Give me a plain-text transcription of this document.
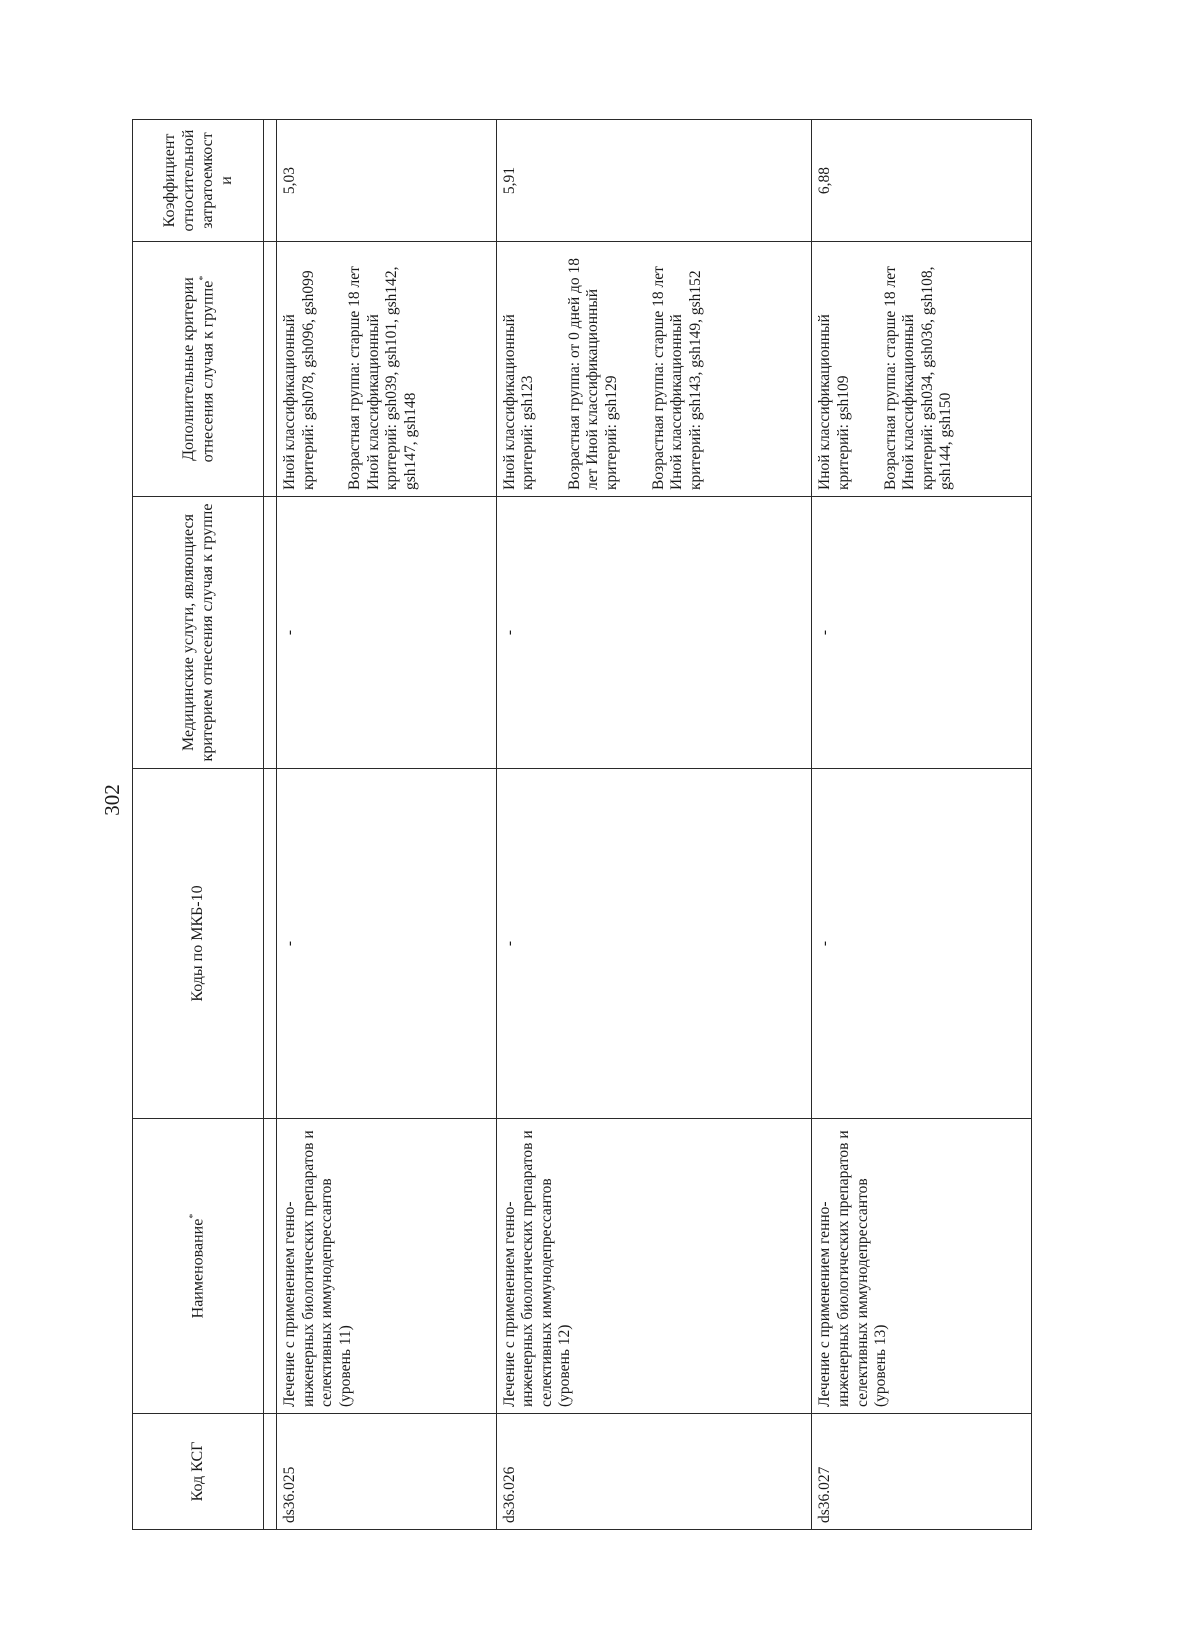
302
Код КСГ	Наименование*	Коды по МКБ-10	Медицинские услуги, являющиеся критерием отнесения случая к группе	Дополнительные критерии отнесения случая к группе*	Коэффициент относительной затратоемкост и

ds36.025	Лечение с применением генно-инженерных биологических препаратов и селективных иммунодепрессантов (уровень 11)	-	-	Иной классификационный критерий: gsh078, gsh096, gsh099 Возрастная группа: старше 18 лет Иной классификационный критерий: gsh039, gsh101, gsh142, gsh147, gsh148	5,03
ds36.026	Лечение с применением генно-инженерных биологических препаратов и селективных иммунодепрессантов (уровень 12)	-	-	Иной классификационный критерий: gsh123 Возрастная группа: от 0 дней до 18 лет Иной классификационный критерий: gsh129 Возрастная группа: старше 18 лет Иной классификационный критерий: gsh143, gsh149, gsh152	5,91
ds36.027	Лечение с применением генно-инженерных биологических препаратов и селективных иммунодепрессантов (уровень 13)	-	-	Иной классификационный критерий: gsh109 Возрастная группа: старше 18 лет Иной классификационный критерий: gsh034, gsh036, gsh108, gsh144, gsh150	6,88
